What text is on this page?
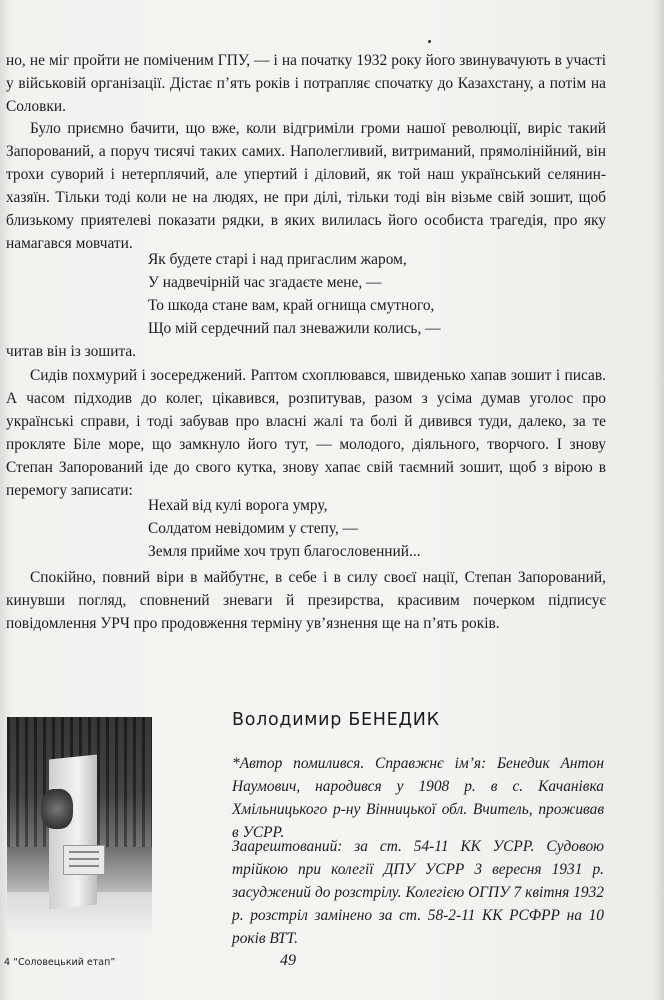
но, не міг пройти не поміченим ГПУ, — і на початку 1932 року його звинувачують в участі у військовій організації. Дістає п’ять років і потрапляє спочатку до Казахстану, а потім на Соловки.

Було приємно бачити, що вже, коли відгриміли громи нашої революції, виріс такий Запорований, а поруч тисячі таких самих. Наполегливий, витриманий, прямолінійний, він трохи суворий і нетерплячий, але упертий і діловий, як той наш український селянин-хазяїн. Тільки тоді коли не на людях, не при ділі, тільки тоді він візьме свій зошит, щоб близькому приятелеві показати рядки, в яких вилилась його особиста трагедія, про яку намагався мовчати.

Як будете старі і над пригаслим жаром,
У надвечірній час згадаєте мене, —
То шкода стане вам, край огнища смутного,
Що мій сердечний пал зневажили колись, —

читав він із зошита.

Сидів похмурий і зосереджений. Раптом схоплювався, швиденько хапав зошит і писав. А часом підходив до колег, цікавився, розпитував, разом з усіма думав уголос про українські справи, і тоді забував про власні жалі та болі й дивився туди, далеко, за те прокляте Біле море, що замкнуло його тут, — молодого, діяльного, творчого. І знову Степан Запорований іде до свого кутка, знову хапає свій таємний зошит, щоб з вірою в перемогу записати:

Нехай від кулі ворога умру,
Солдатом невідомим у степу, —
Земля прийме хоч труп благословенний...

Спокійно, повний віри в майбутнє, в себе і в силу своєї нації, Степан Запорований, кинувши погляд, сповнений зневаги й презирства, красивим почерком підписує повідомлення УРЧ про продовження терміну ув’язнення ще на п’ять років.

Володимир БЕНЕДИК

*Автор помилився. Справжнє ім’я: Бенедик Антон Наумович, народився у 1908 р. в с. Качанівка Хмільницького р-ну Вінницької обл. Вчитель, проживав в УСРР.

Заарештований: за ст. 54-11 КК УСРР. Судовою трійкою при колегії ДПУ УСРР 3 вересня 1931 р. засуджений до розстрілу. Колегією ОГПУ 7 квітня 1932 р. розстріл замінено за ст. 58-2-11 КК РСФРР на 10 років ВТТ.

4 “Соловецький етап”	49
